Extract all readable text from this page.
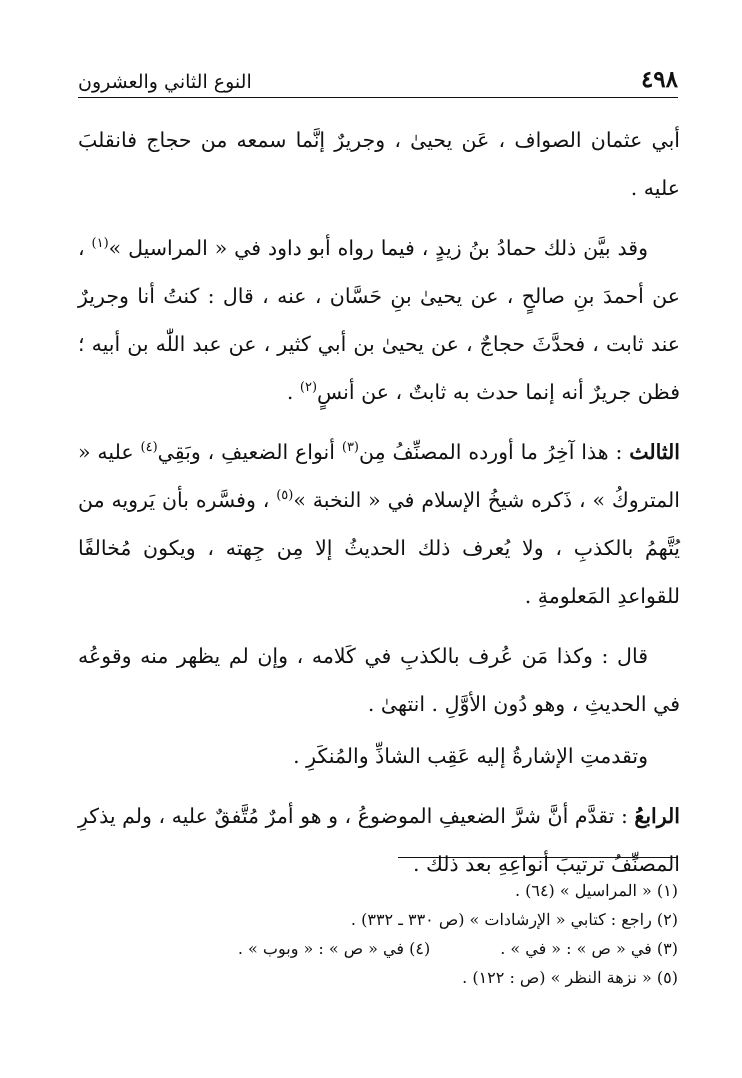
٤٩٨
النوع الثاني والعشرون

أبي عثمان الصواف ، عَن يحيىٰ ، وجريرٌ إنَّما سمعه من حجاج فانقلبَ عليه .

وقد بيَّن ذلك حمادُ بنُ زيدٍ ، فيما رواه أبو داود في « المراسيل »$^{(١)}$ ، عن أحمدَ بنِ صالحٍ ، عن يحيىٰ بنِ حَسَّان ، عنه ، قال : كنتُ أنا وجريرٌ عند ثابت ، فحدَّثَ حجاجٌ ، عن يحيىٰ بن أبي كثير ، عن عبد اللّٰه بن أبيه ؛ فظن جريرٌ أنه إنما حدث به ثابتٌ ، عن أنسٍ$^{(٢)}$ .

الثالث : هذا آخِرُ ما أورده المصنِّفُ مِن$^{(٣)}$ أنواع الضعيفِ ، وبَقِي$^{(٤)}$ عليه « المتروكُ » ، ذَكره شيخُ الإسلام في « النخبة »$^{(٥)}$ ، وفسَّره بأن يَرويه من يُتَّهمُ بالكذبِ ، ولا يُعرف ذلك الحديثُ إلا مِن جِهته ، ويكون مُخالفًا للقواعدِ المَعلومةِ .

قال : وكذا مَن عُرف بالكذبِ في كَلامه ، وإن لم يظهر منه وقوعُه في الحديثِ ، وهو دُون الأوَّلِ . انتهىٰ .

وتقدمتِ الإشارةُ إليه عَقِب الشاذِّ والمُنكَرِ .

الرابعُ : تقدَّم أنَّ شرَّ الضعيفِ الموضوعُ ، و هو أمرٌ مُتَّفقٌ عليه ، ولم يذكرِ المصنِّفُ ترتيبَ أنواعِهِ بعد ذلك .

(١) « المراسيل » (٦٤) .
(٢) راجع : كتابي « الإرشادات » (ص ٣٣٠ ـ ٣٣٢) .
(٣) في « ص » : « في » .
(٤) في « ص » : « وبوب » .
(٥) « نزهة النظر » (ص : ١٢٢) .
